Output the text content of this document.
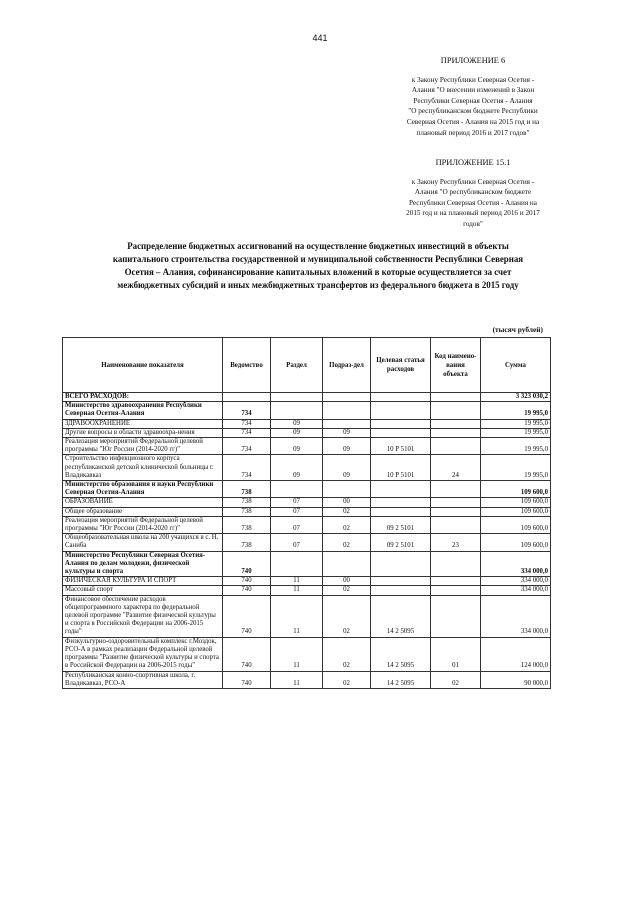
441
ПРИЛОЖЕНИЕ 6
к Закону Республики Северная Осетия -
Алания "О внесении изменений в Закон
Республики Северная Осетия - Алания
"О республиканском бюджете Республики
Северная Осетия - Алания на 2015 год и на
плановый период 2016 и 2017 годов"
ПРИЛОЖЕНИЕ 15.1
к Закону Республики Северная Осетия -
Алания "О республиканском бюджете
Республики Северная Осетия - Алания на
2015 год и на плановый период 2016 и 2017
годов"
Распределение бюджетных ассигнований на осуществление бюджетных инвестиций в объекты
капитального строительства государственной и муниципальной собственности Республики Северная
Осетия – Алания, софинансирование капитальных вложений в которые осуществляется за счет
межбюджетных субсидий и иных межбюджетных трансфертов из федерального бюджета в 2015 году
(тысяч рублей)
Наименование показателя	Ведомство	Раздел	Подраз-дел	Целевая статья расходов	Код наимено-вания объекта	Сумма
ВСЕГО РАСХОДОВ:						3 323 030,2
Министерство здравоохранения Республики Северная Осетия-Алания	734					19 995,0
ЗДРАВООХРАНЕНИЕ	734	09				19 995,0
Другие вопросы в области здравоохра-нения	734	09	09			19 995,0
Реализация мероприятий Федеральной целевой программы "Юг России (2014-2020 гг)"	734	09	09	10 Р 5101		19 995,0
Строительство инфекционного корпуса республиканской детской клинической больницы г. Владикавказ	734	09	09	10 Р 5101	24	19 995,0
Министерство образования и науки Республики Северная Осетия-Алания	738					109 600,0
ОБРАЗОВАНИЕ	738	07	00			109 600,0
Общее образование	738	07	02			109 600,0
Реализация мероприятий Федеральной целевой программы "Юг России (2014-2020 гг)"	738	07	02	09 2 5101		109 600,0
Общеобразовательная школа на 200 учащихся в с. Н. Саниба	738	07	02	09 2 5101	23	109 600,0
Министерство Республики Северная Осетия-Алания по делам молодежи, физической культуры и спорта	740					334 000,0
ФИЗИЧЕСКАЯ КУЛЬТУРА И СПОРТ	740	11	00			334 000,0
Массовый спорт	740	11	02			334 000,0
Финансовое обеспечение расходов общепрограммного характера по федеральной целевой программе "Развитие физической культуры и спорта в Российской Федерации на 2006-2015 годы"	740	11	02	14 2 5095		334 000,0
Физкультурно-оздоровительный комплекс г.Моздок, РСО-А в рамках реализации Федеральной целевой программы "Развитие физической культуры и спорта в Российской Федерации на 2006-2015 годы"	740	11	02	14 2 5095	01	124 000,0
Республиканская конно-спортивная школа, г. Владикавказ, РСО-А	740	11	02	14 2 5095	02	90 000,0
